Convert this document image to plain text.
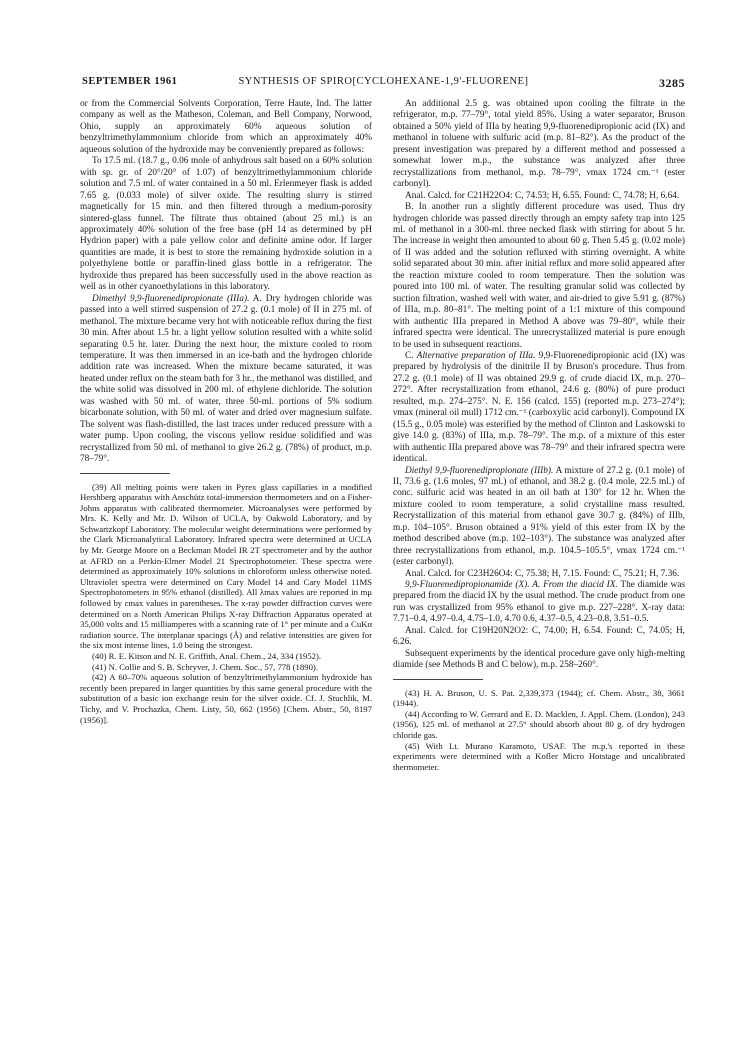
SEPTEMBER 1961	SYNTHESIS OF SPIRO[CYCLOHEXANE-1,9'-FLUORENE]	3285

or from the Commercial Solvents Corporation, Terre Haute, Ind. The latter company as well as the Matheson, Coleman, and Bell Company, Norwood, Ohio, supply an approximately 60% aqueous solution of benzyltrimethylammonium chloride from which an approximately 40% aqueous solution of the hydroxide may be conveniently prepared as follows:

To 17.5 ml. (18.7 g., 0.06 mole of anhydrous salt based on a 60% solution with sp. gr. of 20°/20° of 1.07) of benzyltrimethylammonium chloride solution and 7.5 ml. of water contained in a 50 ml. Erlenmeyer flask is added 7.65 g. (0.033 mole) of silver oxide. The resulting slurry is stirred magnetically for 15 min. and then filtered through a medium-porosity sintered-glass funnel. The filtrate thus obtained (about 25 ml.) is an approximately 40% solution of the free base (pH 14 as determined by pH Hydrion paper) with a pale yellow color and definite amine odor. If larger quantities are made, it is best to store the remaining hydroxide solution in a polyethylene bottle or paraffin-lined glass bottle in a refrigerator. The hydroxide thus prepared has been successfully used in the above reaction as well as in other cyanoethylations in this laboratory.

Dimethyl 9,9-fluorenedipropionate (IIIa). A. Dry hydrogen chloride was passed into a well stirred suspension of 27.2 g. (0.1 mole) of II in 275 ml. of methanol. The mixture became very hot with noticeable reflux during the first 30 min. After about 1.5 hr. a light yellow solution resulted with a white solid separating 0.5 hr. later. During the next hour, the mixture cooled to room temperature. It was then immersed in an ice-bath and the hydrogen chloride addition rate was increased. When the mixture became saturated, it was heated under reflux on the steam bath for 3 hr., the methanol was distilled, and the white solid was dissolved in 200 ml. of ethylene dichloride. The solution was washed with 50 ml. of water, three 50-ml. portions of 5% sodium bicarbonate solution, with 50 ml. of water and dried over magnesium sulfate. The solvent was flash-distilled, the last traces under reduced pressure with a water pump. Upon cooling, the viscous yellow residue solidified and was recrystallized from 50 ml. of methanol to give 26.2 g. (78%) of product, m.p. 78–79°.

(39) All melting points were taken in Pyrex glass capillaries in a modified Hershberg apparatus with Anschütz total-immersion thermometers and on a Fisher-Johns apparatus with calibrated thermometer. Microanalyses were performed by Mrs. K. Kelly and Mr. D. Wilson of UCLA, by Oakwold Laboratory, and by Schwartzkopf Laboratory. The molecular weight determinations were performed by the Clark Microanalytical Laboratory. Infrared spectra were determined at UCLA by Mr. George Moore on a Beckman Model IR 2T spectrometer and by the author at AFRD on a Perkin-Elmer Model 21 Spectrophotometer. These spectra were determined as approximately 10% solutions in chloroform unless otherwise noted. Ultraviolet spectra were determined on Cary Model 14 and Cary Model 11MS Spectrophotometers in 95% ethanol (distilled). All λmax values are reported in mμ followed by εmax values in parentheses. The x-ray powder diffraction curves were determined on a North American Philips X-ray Diffraction Apparatus operated at 35,000 volts and 15 milliamperes with a scanning rate of 1° per minute and a CuKα radiation source. The interplanar spacings (Å) and relative intensities are given for the six most intense lines, 1.0 being the strongest.

(40) R. E. Kitson and N. E. Griffith, Anal. Chem., 24, 334 (1952).

(41) N. Collie and S. B. Schryver, J. Chem. Soc., 57, 778 (1890).

(42) A 60–70% aqueous solution of benzyltrimethylammonium hydroxide has recently been prepared in larger quantities by this same general procedure with the substitution of a basic ion exchange resin for the silver oxide. Cf. J. Stuchlik, M. Tichy, and V. Prochazka, Chem. Listy, 50, 662 (1956) [Chem. Abstr., 50, 8197 (1956)].

An additional 2.5 g. was obtained upon cooling the filtrate in the refrigerator, m.p. 77–79°, total yield 85%. Using a water separator, Bruson obtained a 50% yield of IIIa by heating 9,9-fluorenedipropionic acid (IX) and methanol in toluene with sulfuric acid (m.p. 81–82°). As the product of the present investigation was prepared by a different method and possessed a somewhat lower m.p., the substance was analyzed after three recrystallizations from methanol, m.p. 78–79°, νmax 1724 cm.⁻¹ (ester carbonyl).

Anal. Calcd. for C21H22O4: C, 74.53; H, 6.55. Found: C, 74.78; H, 6.64.

B. In another run a slightly different procedure was used. Thus dry hydrogen chloride was passed directly through an empty safety trap into 125 ml. of methanol in a 300-ml. three necked flask with stirring for about 5 hr. The increase in weight then amounted to about 60 g. Then 5.45 g. (0.02 mole) of II was added and the solution refluxed with stirring overnight. A white solid separated about 30 min. after initial reflux and more solid appeared after the reaction mixture cooled to room temperature. Then the solution was poured into 100 ml. of water. The resulting granular solid was collected by suction filtration, washed well with water, and air-dried to give 5.91 g. (87%) of IIIa, m.p. 80–81°. The melting point of a 1:1 mixture of this compound with authentic IIIa prepared in Method A above was 79–80°, while their infrared spectra were identical. The unrecrystallized material is pure enough to be used in subsequent reactions.

C. Alternative preparation of IIIa. 9,9-Fluorenedipropionic acid (IX) was prepared by hydrolysis of the dinitrile II by Bruson's procedure. Thus from 27.2 g. (0.1 mole) of II was obtained 29.9 g. of crude diacid IX, m.p. 270–272°. After recrystallization from ethanol, 24.6 g. (80%) of pure product resulted, m.p. 274–275°. N. E. 156 (calcd. 155) (reported m.p. 273–274°); νmax (mineral oil mull) 1712 cm.⁻¹ (carboxylic acid carbonyl). Compound IX (15.5 g., 0.05 mole) was esterified by the method of Clinton and Laskowski to give 14.0 g. (83%) of IIIa, m.p. 78–79°. The m.p. of a mixture of this ester with authentic IIIa prepared above was 78–79° and their infrared spectra were identical.

Diethyl 9,9-fluorenedipropionate (IIIb). A mixture of 27.2 g. (0.1 mole) of II, 73.6 g. (1.6 moles, 97 ml.) of ethanol, and 38.2 g. (0.4 mole, 22.5 ml.) of conc. sulfuric acid was heated in an oil bath at 130° for 12 hr. When the mixture cooled to room temperature, a solid crystalline mass resulted. Recrystallization of this material from ethanol gave 30.7 g. (84%) of IIIb, m.p. 104–105°. Bruson obtained a 91% yield of this ester from IX by the method described above (m.p. 102–103°). The substance was analyzed after three recrystallizations from ethanol, m.p. 104.5–105.5°, νmax 1724 cm.⁻¹ (ester carbonyl).

Anal. Calcd. for C23H26O4: C, 75.38; H, 7.15. Found: C, 75.21; H, 7.36.

9,9-Fluorenedipropionamide (X). A. From the diacid IX. The diamide was prepared from the diacid IX by the usual method. The crude product from one run was crystallized from 95% ethanol to give m.p. 227–228°. X-ray data: 7.71–0.4, 4.97–0.4, 4.75–1.0, 4.70 0.6, 4.37–0.5, 4.23–0.8, 3.51–0.5.

Anal. Calcd. for C19H20N2O2: C, 74.00; H, 6.54. Found: C, 74.05; H, 6.26.

Subsequent experiments by the identical procedure gave only high-melting diamide (see Methods B and C below), m.p. 258–260°.

(43) H. A. Bruson, U. S. Pat. 2,339,373 (1944); cf. Chem. Abstr., 38, 3661 (1944).

(44) According to W. Gerrard and E. D. Macklen, J. Appl. Chem. (London), 243 (1956), 125 ml. of methanol at 27.5° should absorb about 80 g. of dry hydrogen chloride gas.

(45) With Lt. Murano Karamoto, USAF. The m.p.'s reported in these experiments were determined with a Kofler Micro Hotstage and uncalibrated thermometer.
